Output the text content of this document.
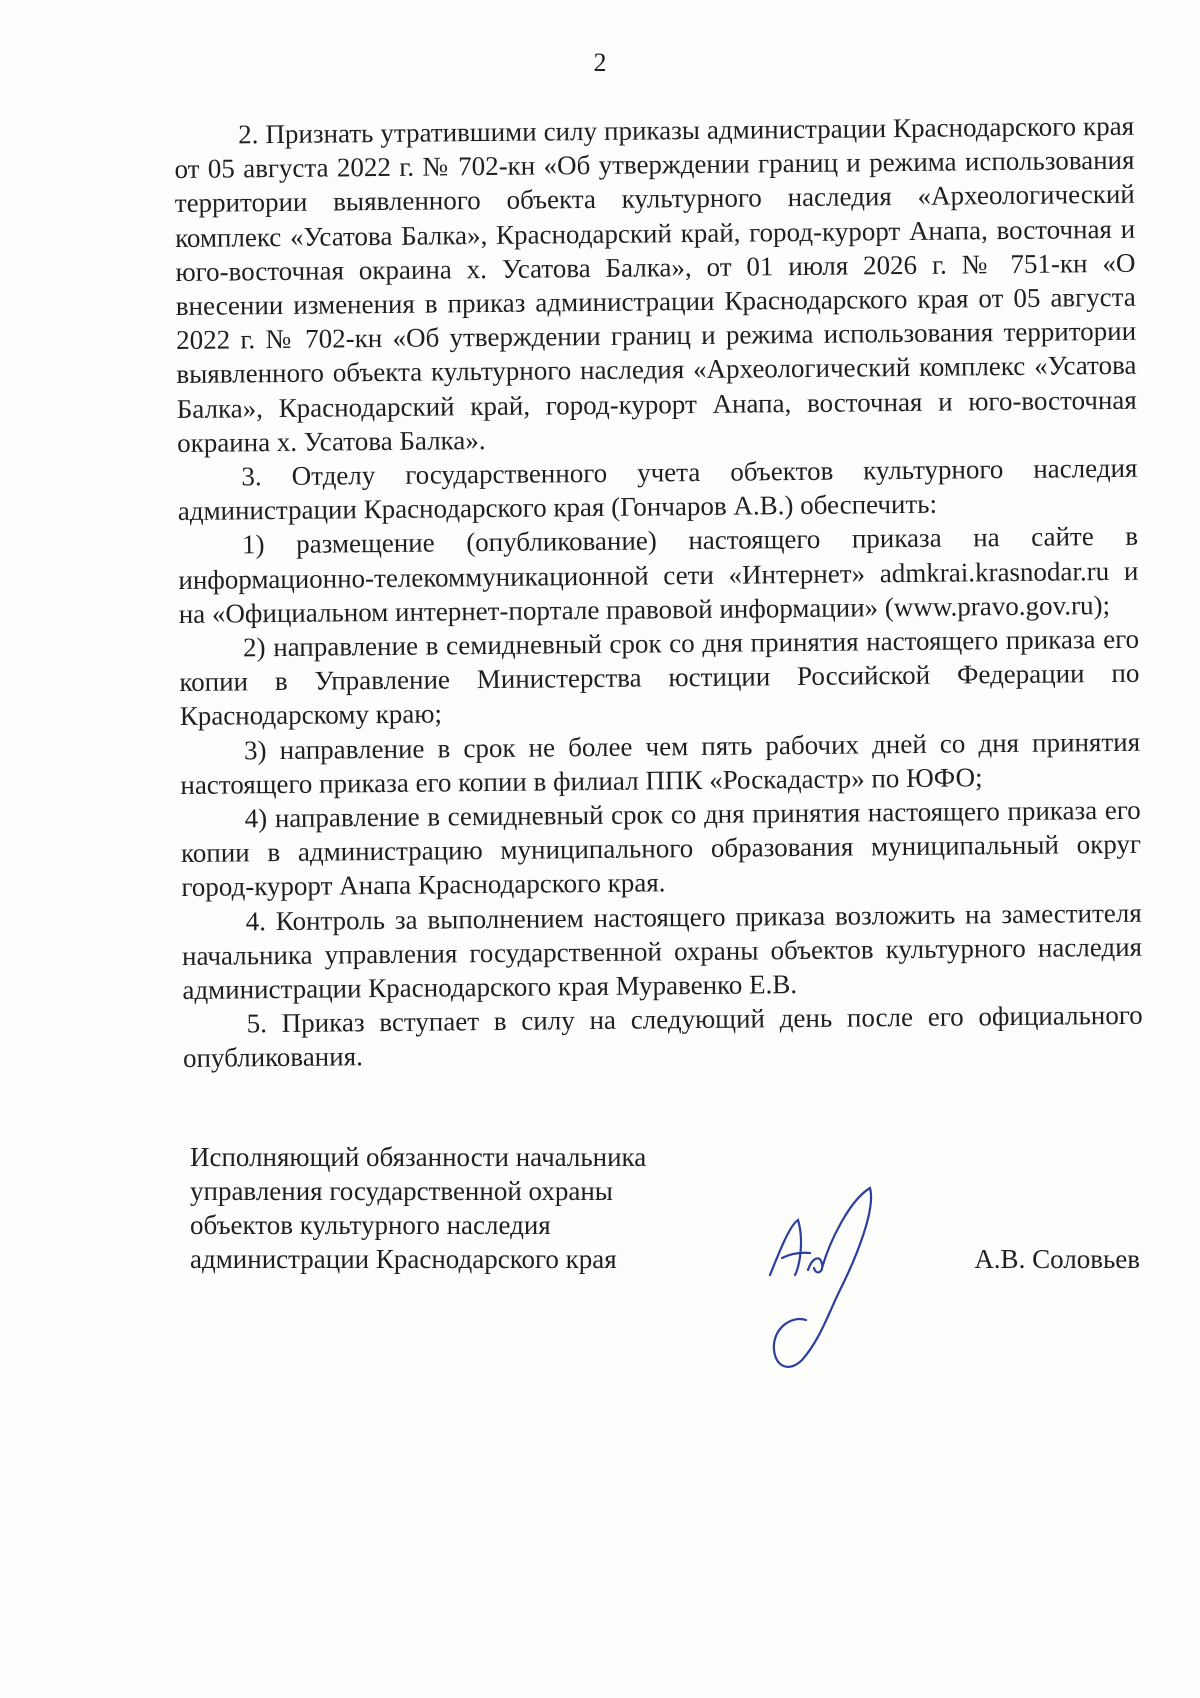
2

2. Признать утратившими силу приказы администрации Краснодарского края от 05 августа 2022 г. № 702-кн «Об утверждении границ и режима использования территории выявленного объекта культурного наследия «Археологический комплекс «Усатова Балка», Краснодарский край, город-курорт Анапа, восточная и юго-восточная окраина х. Усатова Балка», от 01 июля 2026 г. № 751-кн «О внесении изменения в приказ администрации Краснодарского края от 05 августа 2022 г. № 702-кн «Об утверждении границ и режима использования территории выявленного объекта культурного наследия «Археологический комплекс «Усатова Балка», Краснодарский край, город-курорт Анапа, восточная и юго-восточная окраина х. Усатова Балка».

3. Отделу государственного учета объектов культурного наследия администрации Краснодарского края (Гончаров А.В.) обеспечить:

1) размещение (опубликование) настоящего приказа на сайте в информационно-телекоммуникационной сети «Интернет» admkrai.krasnodar.ru и на «Официальном интернет-портале правовой информации» (www.pravo.gov.ru);

2) направление в семидневный срок со дня принятия настоящего приказа его копии в Управление Министерства юстиции Российской Федерации по Краснодарскому краю;

3) направление в срок не более чем пять рабочих дней со дня принятия настоящего приказа его копии в филиал ППК «Роскадастр» по ЮФО;

4) направление в семидневный срок со дня принятия настоящего приказа его копии в администрацию муниципального образования муниципальный округ город-курорт Анапа Краснодарского края.

4. Контроль за выполнением настоящего приказа возложить на заместителя начальника управления государственной охраны объектов культурного наследия администрации Краснодарского края Муравенко Е.В.

5. Приказ вступает в силу на следующий день после его официального опубликования.

Исполняющий обязанности начальника
управления государственной охраны
объектов культурного наследия
администрации Краснодарского края	А.В. Соловьев
